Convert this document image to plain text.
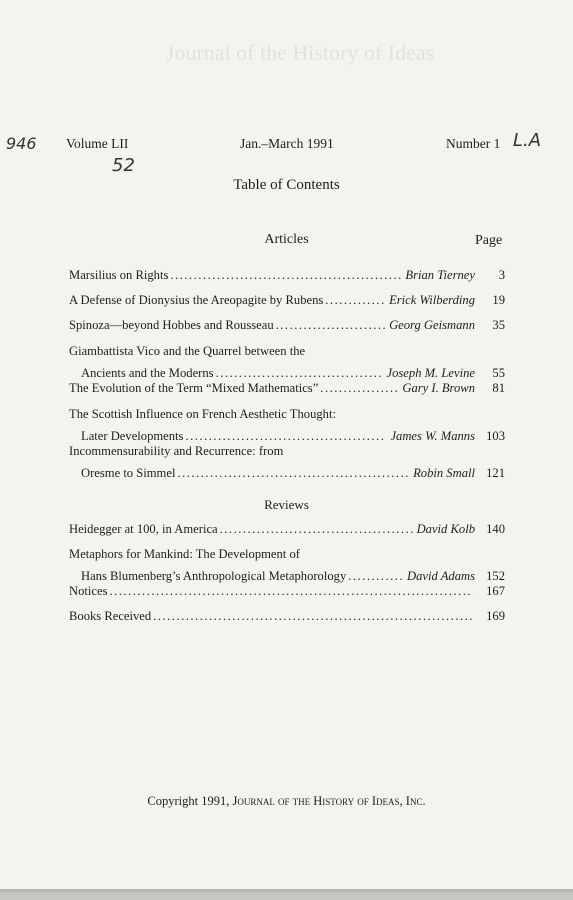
Journal of the History of Ideas
946	L.A
52
Volume LII	Jan.–March 1991	Number 1
Table of Contents
Articles	Page
Marsilius on Rights .....	Brian Tierney	3
A Defense of Dionysius the Areopagite by Rubens .....	Erick Wilberding	19
Spinoza—beyond Hobbes and Rousseau .....	Georg Geismann	35
Giambattista Vico and the Quarrel between the
Ancients and the Moderns .....	Joseph M. Levine	55
The Evolution of the Term “Mixed Mathematics” .....	Gary I. Brown	81
The Scottish Influence on French Aesthetic Thought:
Later Developments .....	James W. Manns 103
Incommensurability and Recurrence: from
Oresme to Simmel .....	Robin Small 121
Reviews
Heidegger at 100, in America .....	David Kolb 140
Metaphors for Mankind: The Development of
Hans Blumenberg’s Anthropological Metaphorology .....	David Adams 152
Notices .....	167
Books Received .....	169
Copyright 1991, Journal of the History of Ideas, Inc.
